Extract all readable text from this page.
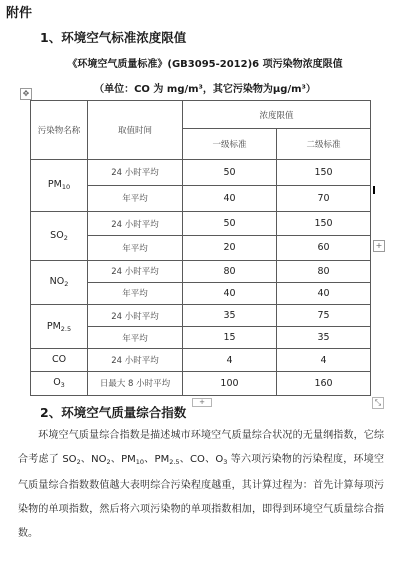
附件
1、环境空气标准浓度限值
《环境空气质量标准》(GB3095-2012)6 项污染物浓度限值
（单位：CO 为 mg/m³，其它污染物为μg/m³）
✥
+
污染物名称	取值时间	浓度限值	
		一级标准	二级标准
$PM_{10}$	24 小时平均	50	150
	年平均	40	70
$SO_2$	24 小时平均	50	150
	年平均	20	60
$NO_2$	24 小时平均	80	80
	年平均	40	40
$PM_{2.5}$	24 小时平均	35	75
	年平均	15	35
CO	24 小时平均	4	4
$O_3$	日最大 8 小时平均	100	160
+	⤡
2、环境空气质量综合指数
环境空气质量综合指数是描述城市环境空气质量综合状况的无量纲指数，它综合考虑了 $SO_2$、$NO_2$、$PM_{10}$、$PM_{2.5}$、CO、$O_3$ 等六项污染物的污染程度，环境空气质量综合指数数值越大表明综合污染程度越重，其计算过程为：首先计算每项污染物的单项指数，然后将六项污染物的单项指数相加，即得到环境空气质量综合指数。
